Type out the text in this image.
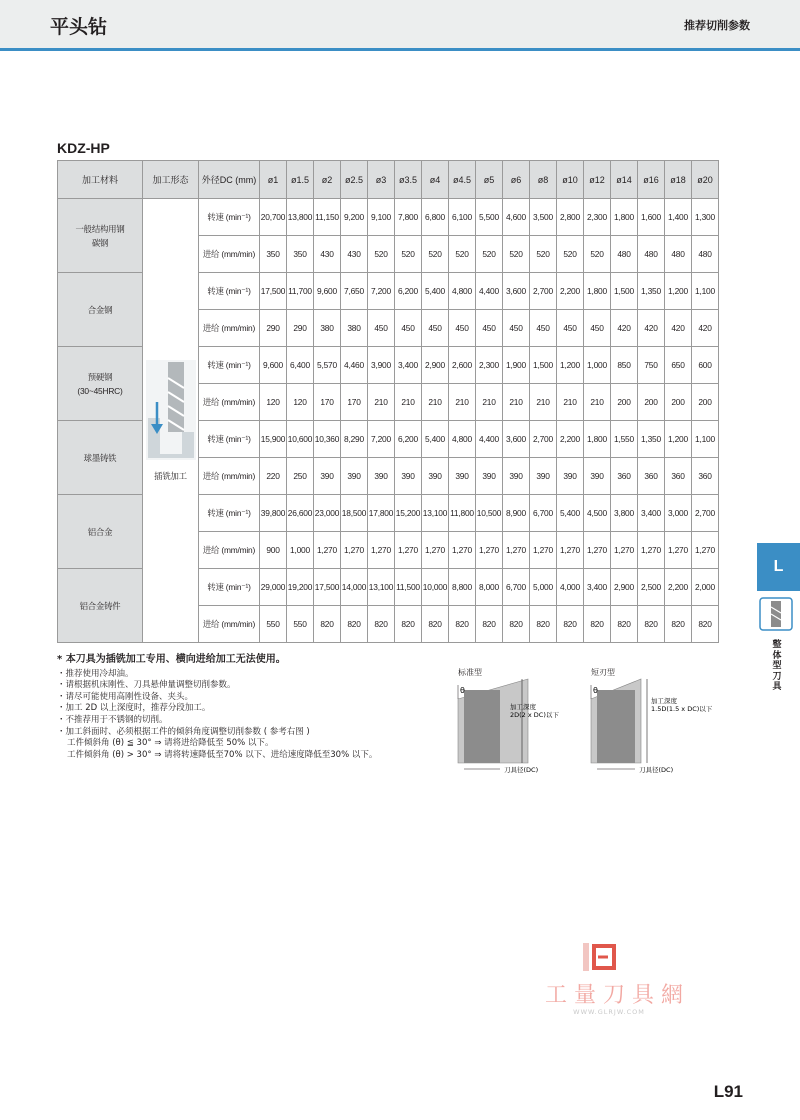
平头钻	推荐切削参数
KDZ-HP
加工材料	加工形态	外径DC (mm)	ø1	ø1.5	ø2	ø2.5	ø3	ø3.5	ø4	ø4.5	ø5	ø6	ø8	ø10	ø12	ø14	ø16	ø18	ø20

一般结构用钢
碳钢	插铣加工	转速 (min⁻¹)	20,700	13,800	11,150	9,200	9,100	7,800	6,800	6,100	5,500	4,600	3,500	2,800	2,300	1,800	1,600	1,400	1,300
		进给 (mm/min)	350	350	430	430	520	520	520	520	520	520	520	520	520	480	480	480	480

合金钢		转速 (min⁻¹)	17,500	11,700	9,600	7,650	7,200	6,200	5,400	4,800	4,400	3,600	2,700	2,200	1,800	1,500	1,350	1,200	1,100
		进给 (mm/min)	290	290	380	380	450	450	450	450	450	450	450	450	450	420	420	420	420

预硬钢
(30~45HRC)		转速 (min⁻¹)	9,600	6,400	5,570	4,460	3,900	3,400	2,900	2,600	2,300	1,900	1,500	1,200	1,000	850	750	650	600
		进给 (mm/min)	120	120	170	170	210	210	210	210	210	210	210	210	210	200	200	200	200

球墨铸铁		转速 (min⁻¹)	15,900	10,600	10,360	8,290	7,200	6,200	5,400	4,800	4,400	3,600	2,700	2,200	1,800	1,550	1,350	1,200	1,100
		进给 (mm/min)	220	250	390	390	390	390	390	390	390	390	390	390	390	360	360	360	360

铝合金		转速 (min⁻¹)	39,800	26,600	23,000	18,500	17,800	15,200	13,100	11,800	10,500	8,900	6,700	5,400	4,500	3,800	3,400	3,000	2,700
		进给 (mm/min)	900	1,000	1,270	1,270	1,270	1,270	1,270	1,270	1,270	1,270	1,270	1,270	1,270	1,270	1,270	1,270	1,270

铝合金铸件		转速 (min⁻¹)	29,000	19,200	17,500	14,000	13,100	11,500	10,000	8,800	8,000	6,700	5,000	4,000	3,400	2,900	2,500	2,200	2,000
		进给 (mm/min)	550	550	820	820	820	820	820	820	820	820	820	820	820	820	820	820	820
* 本刀具为插铣加工专用、横向进给加工无法使用。
・推荐使用冷却油。
・请根据机床刚性、刀具悬伸量调整切削参数。
・请尽可能使用高刚性设备、夹头。
・加工 2D 以上深度时，推荐分段加工。
・不推荐用于不锈钢的切削。
・加工斜面时、必须根据工件的倾斜角度调整切削参数 ( 参考右图 )
工件倾斜角 (θ) ≦ 30° ⇒ 请将进给降低至 50% 以下。
工件倾斜角 (θ) > 30° ⇒ 请将转速降低至70% 以下、进给速度降低至30% 以下。
标准型
θ
加工深度
2D(2 x DC)以下
刀具径(DC)
短刃型
θ
加工深度
1.5D(1.5 x DC)以下
刀具径(DC)
L
整体型刀具
工量刀具網
WWW.GLRJW.COM
L91
